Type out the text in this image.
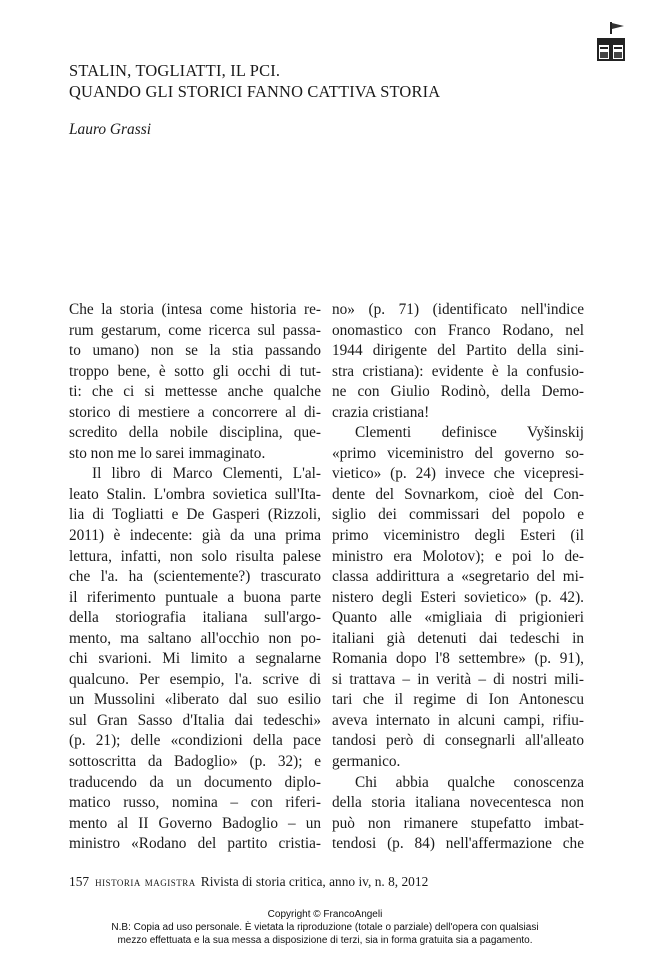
STALIN, TOGLIATTI, IL PCI.
QUANDO GLI STORICI FANNO CATTIVA STORIA
Lauro Grassi
Che la storia (intesa come historia re-
rum gestarum, come ricerca sul passa-
to umano) non se la stia passando
troppo bene, è sotto gli occhi di tut-
ti: che ci si mettesse anche qualche
storico di mestiere a concorrere al di-
scredito della nobile disciplina, que-
sto non me lo sarei immaginato.
Il libro di Marco Clementi, L'al-
leato Stalin. L'ombra sovietica sull'Ita-
lia di Togliatti e De Gasperi (Rizzoli,
2011) è indecente: già da una prima
lettura, infatti, non solo risulta palese
che l'a. ha (scientemente?) trascurato
il riferimento puntuale a buona parte
della storiografia italiana sull'argo-
mento, ma saltano all'occhio non po-
chi svarioni. Mi limito a segnalarne
qualcuno. Per esempio, l'a. scrive di
un Mussolini «liberato dal suo esilio
sul Gran Sasso d'Italia dai tedeschi»
(p. 21); delle «condizioni della pace
sottoscritta da Badoglio» (p. 32); e
traducendo da un documento diplo-
matico russo, nomina – con riferi-
mento al II Governo Badoglio – un
ministro «Rodano del partito cristia-
no» (p. 71) (identificato nell'indice
onomastico con Franco Rodano, nel
1944 dirigente del Partito della sini-
stra cristiana): evidente è la confusio-
ne con Giulio Rodinò, della Demo-
crazia cristiana!
Clementi definisce Vyšinskij
«primo viceministro del governo so-
vietico» (p. 24) invece che vicepresi-
dente del Sovnarkom, cioè del Con-
siglio dei commissari del popolo e
primo viceministro degli Esteri (il
ministro era Molotov); e poi lo de-
classa addirittura a «segretario del mi-
nistero degli Esteri sovietico» (p. 42).
Quanto alle «migliaia di prigionieri
italiani già detenuti dai tedeschi in
Romania dopo l'8 settembre» (p. 91),
si trattava – in verità – di nostri mili-
tari che il regime di Ion Antonescu
aveva internato in alcuni campi, rifiu-
tandosi però di consegnarli all'alleato
germanico.
Chi abbia qualche conoscenza
della storia italiana novecentesca non
può non rimanere stupefatto imbat-
tendosi (p. 84) nell'affermazione che
157 historia magistra Rivista di storia critica, anno iv, n. 8, 2012
Copyright © FrancoAngeli
N.B: Copia ad uso personale. È vietata la riproduzione (totale o parziale) dell'opera con qualsiasi
mezzo effettuata e la sua messa a disposizione di terzi, sia in forma gratuita sia a pagamento.
